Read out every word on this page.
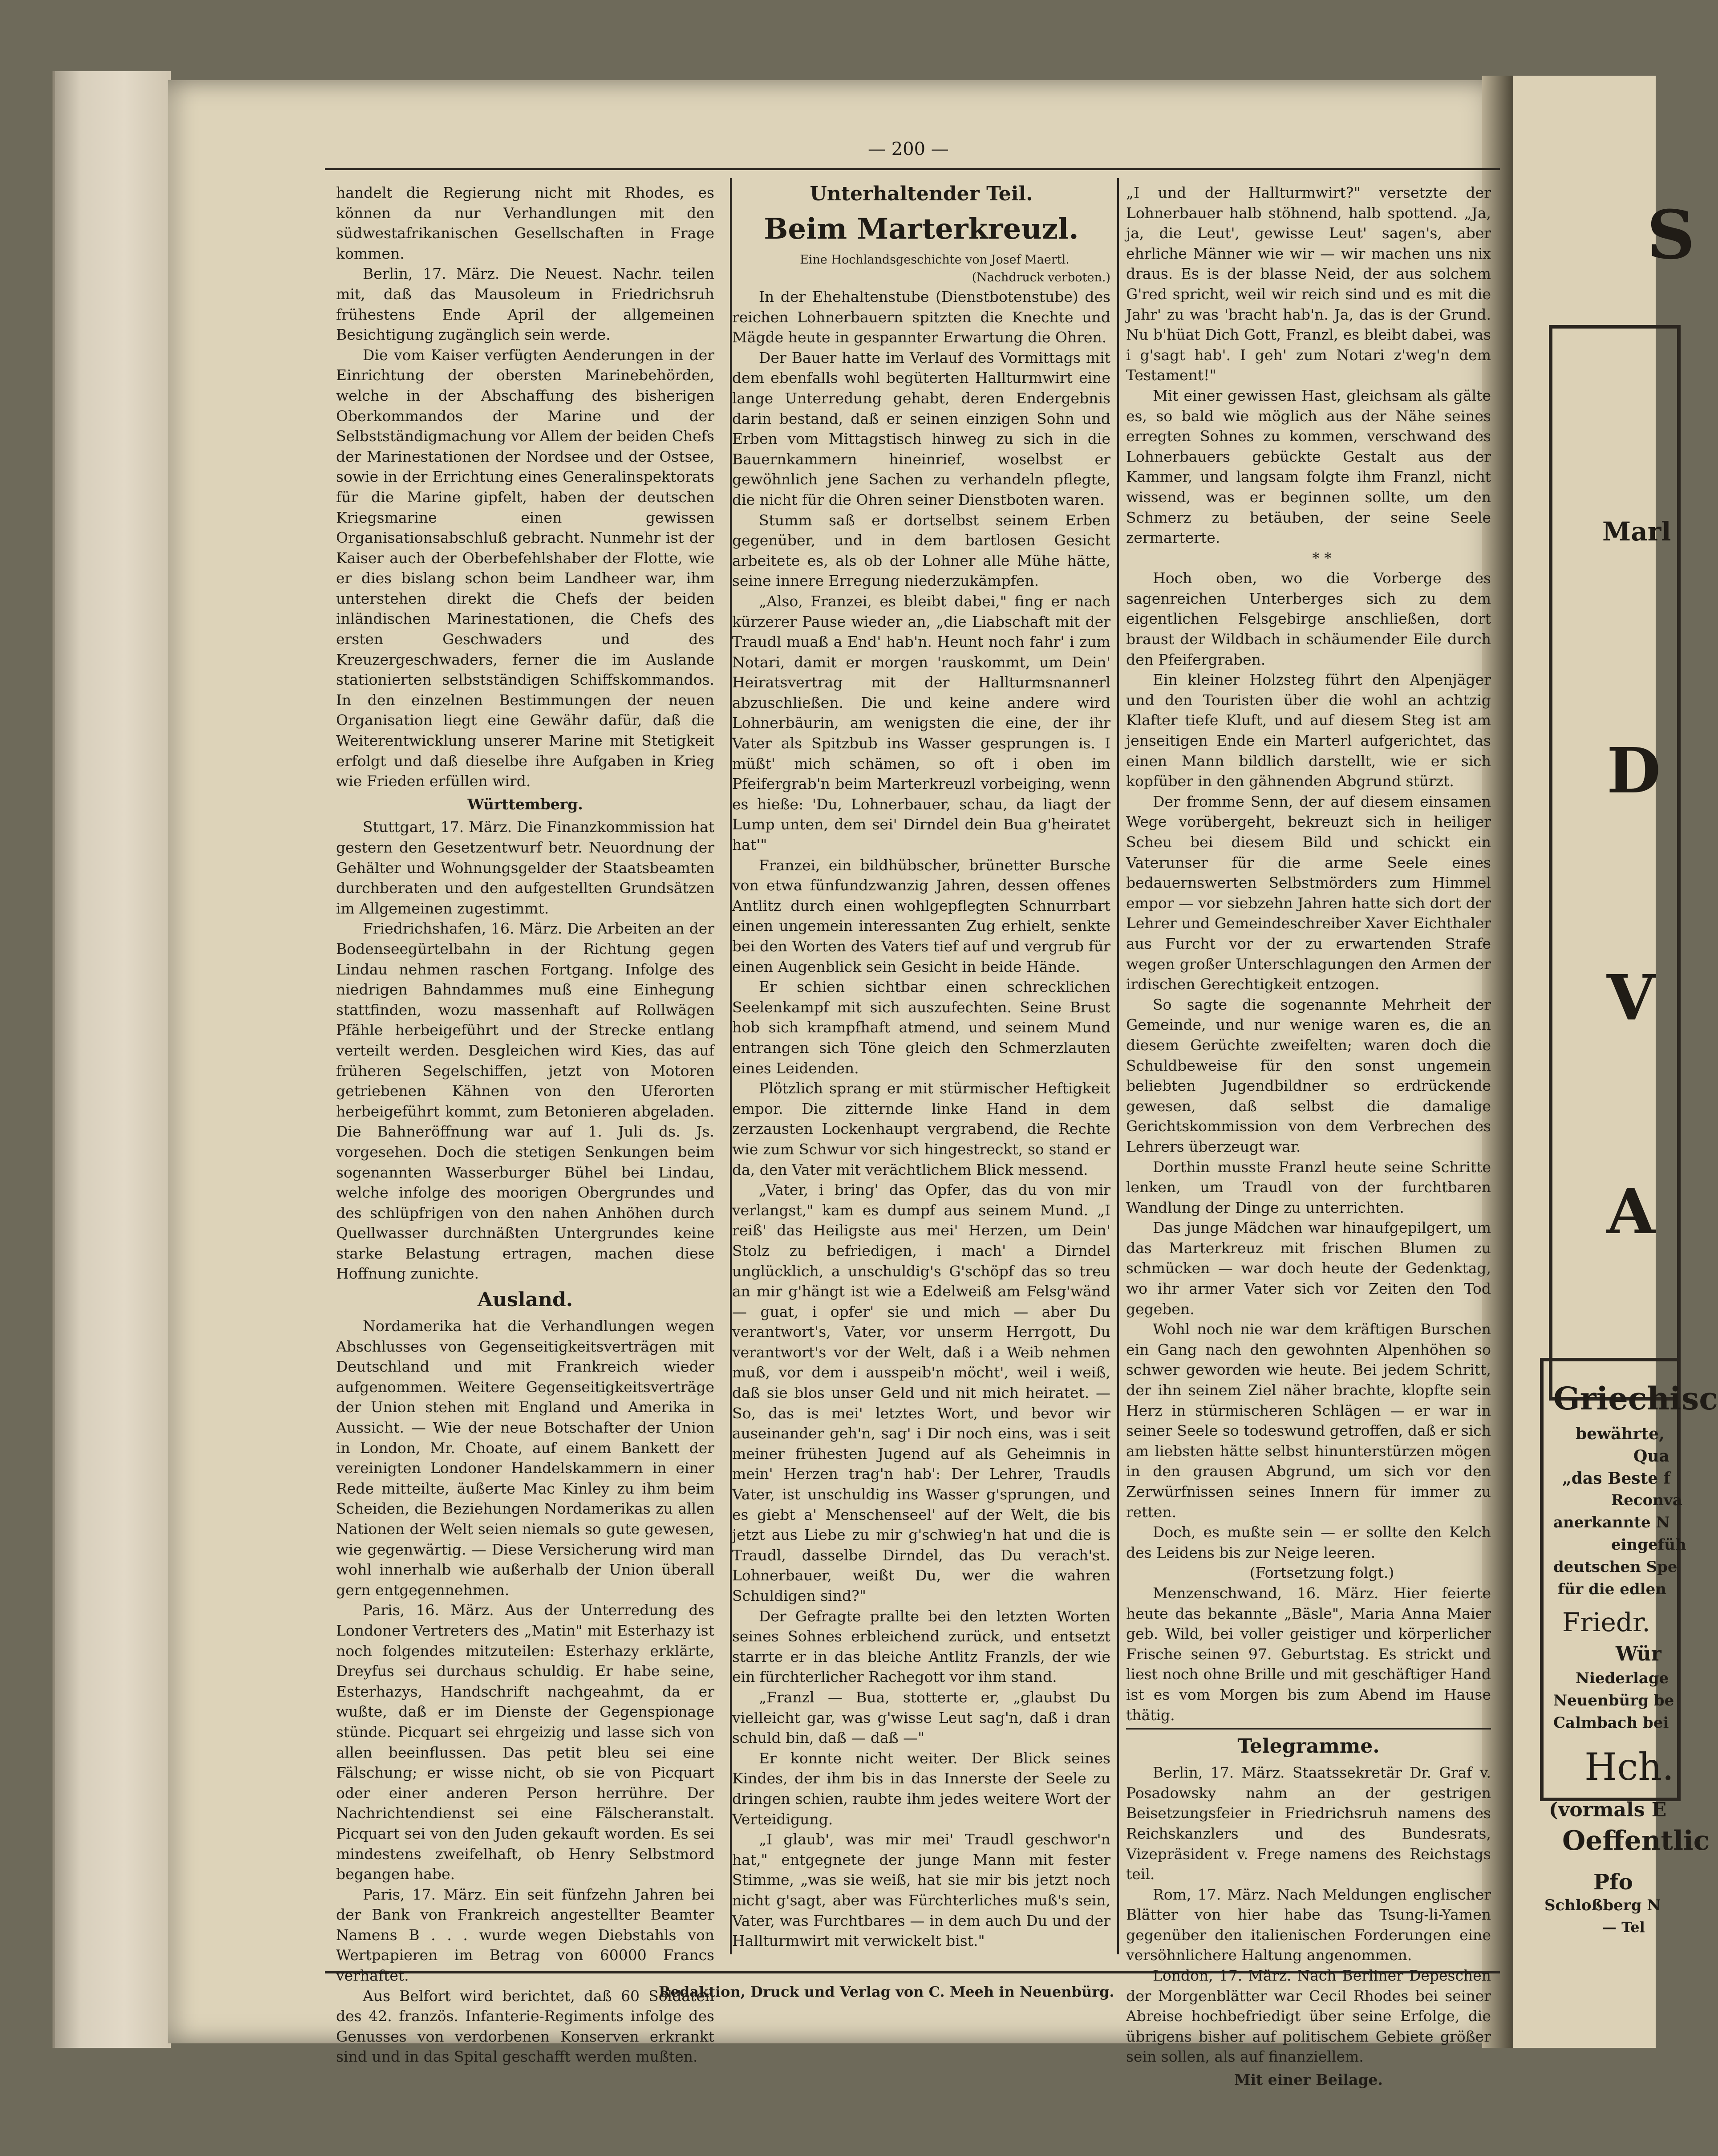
— 200 —

handelt die Regierung nicht mit Rhodes, es können da nur Verhandlungen mit den südwestafrikanischen Gesellschaften in Frage kommen.

Berlin, 17. März. Die Neuest. Nachr. teilen mit, daß das Mausoleum in Friedrichsruh frühestens Ende April der allgemeinen Besichtigung zugänglich sein werde.

Die vom Kaiser verfügten Aenderungen in der Einrichtung der obersten Marinebehörden, welche in der Abschaffung des bisherigen Oberkommandos der Marine und der Selbstständigmachung vor Allem der beiden Chefs der Marinestationen der Nordsee und der Ostsee, sowie in der Errichtung eines Generalinspektorats für die Marine gipfelt, haben der deutschen Kriegsmarine einen gewissen Organisationsabschluß gebracht. Nunmehr ist der Kaiser auch der Oberbefehlshaber der Flotte, wie er dies bislang schon beim Landheer war, ihm unterstehen direkt die Chefs der beiden inländischen Marinestationen, die Chefs des ersten Geschwaders und des Kreuzergeschwaders, ferner die im Auslande stationierten selbstständigen Schiffskommandos. In den einzelnen Bestimmungen der neuen Organisation liegt eine Gewähr dafür, daß die Weiterentwicklung unserer Marine mit Stetigkeit erfolgt und daß dieselbe ihre Aufgaben in Krieg wie Frieden erfüllen wird.

Württemberg.

Stuttgart, 17. März. Die Finanzkommission hat gestern den Gesetzentwurf betr. Neuordnung der Gehälter und Wohnungsgelder der Staatsbeamten durchberaten und den aufgestellten Grundsätzen im Allgemeinen zugestimmt.

Friedrichshafen, 16. März. Die Arbeiten an der Bodenseegürtelbahn in der Richtung gegen Lindau nehmen raschen Fortgang. Infolge des niedrigen Bahndammes muß eine Einhegung stattfinden, wozu massenhaft auf Rollwägen Pfähle herbeigeführt und der Strecke entlang verteilt werden. Desgleichen wird Kies, das auf früheren Segelschiffen, jetzt von Motoren getriebenen Kähnen von den Uferorten herbeigeführt kommt, zum Betonieren abgeladen. Die Bahneröffnung war auf 1. Juli ds. Js. vorgesehen. Doch die stetigen Senkungen beim sogenannten Wasserburger Bühel bei Lindau, welche infolge des moorigen Obergrundes und des schlüpfrigen von den nahen Anhöhen durch Quellwasser durchnäßten Untergrundes keine starke Belastung ertragen, machen diese Hoffnung zunichte.

Ausland.

Nordamerika hat die Verhandlungen wegen Abschlusses von Gegenseitigkeitsverträgen mit Deutschland und mit Frankreich wieder aufgenommen. Weitere Gegenseitigkeitsverträge der Union stehen mit England und Amerika in Aussicht. — Wie der neue Botschafter der Union in London, Mr. Choate, auf einem Bankett der vereinigten Londoner Handelskammern in einer Rede mitteilte, äußerte Mac Kinley zu ihm beim Scheiden, die Beziehungen Nordamerikas zu allen Nationen der Welt seien niemals so gute gewesen, wie gegenwärtig. — Diese Versicherung wird man wohl innerhalb wie außerhalb der Union überall gern entgegennehmen.

Paris, 16. März. Aus der Unterredung des Londoner Vertreters des „Matin" mit Esterhazy ist noch folgendes mitzuteilen: Esterhazy erklärte, Dreyfus sei durchaus schuldig. Er habe seine, Esterhazys, Handschrift nachgeahmt, da er wußte, daß er im Dienste der Gegenspionage stünde. Picquart sei ehrgeizig und lasse sich von allen beeinflussen. Das petit bleu sei eine Fälschung; er wisse nicht, ob sie von Picquart oder einer anderen Person herrühre. Der Nachrichtendienst sei eine Fälscheranstalt. Picquart sei von den Juden gekauft worden. Es sei mindestens zweifelhaft, ob Henry Selbstmord begangen habe.

Paris, 17. März. Ein seit fünfzehn Jahren bei der Bank von Frankreich angestellter Beamter Namens B . . . wurde wegen Diebstahls von Wertpapieren im Betrag von 60000 Francs verhaftet.

Aus Belfort wird berichtet, daß 60 Soldaten des 42. französ. Infanterie-Regiments infolge des Genusses von verdorbenen Konserven erkrankt sind und in das Spital geschafft werden mußten.

Unterhaltender Teil.

Beim Marterkreuzl.

Eine Hochlandsgeschichte von Josef Maertl.

(Nachdruck verboten.)

In der Ehehaltenstube (Dienstbotenstube) des reichen Lohnerbauern spitzten die Knechte und Mägde heute in gespannter Erwartung die Ohren.

Der Bauer hatte im Verlauf des Vormittags mit dem ebenfalls wohl begüterten Hallturmwirt eine lange Unterredung gehabt, deren Endergebnis darin bestand, daß er seinen einzigen Sohn und Erben vom Mittagstisch hinweg zu sich in die Bauernkammern hineinrief, woselbst er gewöhnlich jene Sachen zu verhandeln pflegte, die nicht für die Ohren seiner Dienstboten waren.

Stumm saß er dortselbst seinem Erben gegenüber, und in dem bartlosen Gesicht arbeitete es, als ob der Lohner alle Mühe hätte, seine innere Erregung niederzukämpfen.

„Also, Franzei, es bleibt dabei," fing er nach kürzerer Pause wieder an, „die Liabschaft mit der Traudl muaß a End' hab'n. Heunt noch fahr' i zum Notari, damit er morgen 'rauskommt, um Dein' Heiratsvertrag mit der Hallturmsnannerl abzuschließen. Die und keine andere wird Lohnerbäurin, am wenigsten die eine, der ihr Vater als Spitzbub ins Wasser gesprungen is. I müßt' mich schämen, so oft i oben im Pfeifergrab'n beim Marterkreuzl vorbeiging, wenn es hieße: 'Du, Lohnerbauer, schau, da liagt der Lump unten, dem sei' Dirndel dein Bua g'heiratet hat'"

Franzei, ein bildhübscher, brünetter Bursche von etwa fünfundzwanzig Jahren, dessen offenes Antlitz durch einen wohlgepflegten Schnurrbart einen ungemein interessanten Zug erhielt, senkte bei den Worten des Vaters tief auf und vergrub für einen Augenblick sein Gesicht in beide Hände.

Er schien sichtbar einen schrecklichen Seelenkampf mit sich auszufechten. Seine Brust hob sich krampfhaft atmend, und seinem Mund entrangen sich Töne gleich den Schmerzlauten eines Leidenden.

Plötzlich sprang er mit stürmischer Heftigkeit empor. Die zitternde linke Hand in dem zerzausten Lockenhaupt vergrabend, die Rechte wie zum Schwur vor sich hingestreckt, so stand er da, den Vater mit verächtlichem Blick messend.

„Vater, i bring' das Opfer, das du von mir verlangst," kam es dumpf aus seinem Mund. „I reiß' das Heiligste aus mei' Herzen, um Dein' Stolz zu befriedigen, i mach' a Dirndel unglücklich, a unschuldig's G'schöpf das so treu an mir g'hängt ist wie a Edelweiß am Felsg'wänd — guat, i opfer' sie und mich — aber Du verantwort's, Vater, vor unserm Herrgott, Du verantwort's vor der Welt, daß i a Weib nehmen muß, vor dem i ausspeib'n möcht', weil i weiß, daß sie blos unser Geld und nit mich heiratet. — So, das is mei' letztes Wort, und bevor wir auseinander geh'n, sag' i Dir noch eins, was i seit meiner frühesten Jugend auf als Geheimnis in mein' Herzen trag'n hab': Der Lehrer, Traudls Vater, ist unschuldig ins Wasser g'sprungen, und es giebt a' Menschenseel' auf der Welt, die bis jetzt aus Liebe zu mir g'schwieg'n hat und die is Traudl, dasselbe Dirndel, das Du verach'st. Lohnerbauer, weißt Du, wer die wahren Schuldigen sind?"

Der Gefragte prallte bei den letzten Worten seines Sohnes erbleichend zurück, und entsetzt starrte er in das bleiche Antlitz Franzls, der wie ein fürchterlicher Rachegott vor ihm stand.

„Franzl — Bua, stotterte er, „glaubst Du vielleicht gar, was g'wisse Leut sag'n, daß i dran schuld bin, daß — daß —"

Er konnte nicht weiter. Der Blick seines Kindes, der ihm bis in das Innerste der Seele zu dringen schien, raubte ihm jedes weitere Wort der Verteidigung.

„I glaub', was mir mei' Traudl geschwor'n hat," entgegnete der junge Mann mit fester Stimme, „was sie weiß, hat sie mir bis jetzt noch nicht g'sagt, aber was Fürchterliches muß's sein, Vater, was Furchtbares — in dem auch Du und der Hallturmwirt mit verwickelt bist."

„I und der Hallturmwirt?" versetzte der Lohnerbauer halb stöhnend, halb spottend. „Ja, ja, die Leut', gewisse Leut' sagen's, aber ehrliche Männer wie wir — wir machen uns nix draus. Es is der blasse Neid, der aus solchem G'red spricht, weil wir reich sind und es mit die Jahr' zu was 'bracht hab'n. Ja, das is der Grund. Nu b'hüat Dich Gott, Franzl, es bleibt dabei, was i g'sagt hab'. I geh' zum Notari z'weg'n dem Testament!"

Mit einer gewissen Hast, gleichsam als gälte es, so bald wie möglich aus der Nähe seines erregten Sohnes zu kommen, verschwand des Lohnerbauers gebückte Gestalt aus der Kammer, und langsam folgte ihm Franzl, nicht wissend, was er beginnen sollte, um den Schmerz zu betäuben, der seine Seele zermarterte.

* *

Hoch oben, wo die Vorberge des sagenreichen Unterberges sich zu dem eigentlichen Felsgebirge anschließen, dort braust der Wildbach in schäumender Eile durch den Pfeifergraben.

Ein kleiner Holzsteg führt den Alpenjäger und den Touristen über die wohl an achtzig Klafter tiefe Kluft, und auf diesem Steg ist am jenseitigen Ende ein Marterl aufgerichtet, das einen Mann bildlich darstellt, wie er sich kopfüber in den gähnenden Abgrund stürzt.

Der fromme Senn, der auf diesem einsamen Wege vorübergeht, bekreuzt sich in heiliger Scheu bei diesem Bild und schickt ein Vaterunser für die arme Seele eines bedauernswerten Selbstmörders zum Himmel empor — vor siebzehn Jahren hatte sich dort der Lehrer und Gemeindeschreiber Xaver Eichthaler aus Furcht vor der zu erwartenden Strafe wegen großer Unterschlagungen den Armen der irdischen Gerechtigkeit entzogen.

So sagte die sogenannte Mehrheit der Gemeinde, und nur wenige waren es, die an diesem Gerüchte zweifelten; waren doch die Schuldbeweise für den sonst ungemein beliebten Jugendbildner so erdrückende gewesen, daß selbst die damalige Gerichtskommission von dem Verbrechen des Lehrers überzeugt war.

Dorthin musste Franzl heute seine Schritte lenken, um Traudl von der furchtbaren Wandlung der Dinge zu unterrichten.

Das junge Mädchen war hinaufgepilgert, um das Marterkreuz mit frischen Blumen zu schmücken — war doch heute der Gedenktag, wo ihr armer Vater sich vor Zeiten den Tod gegeben.

Wohl noch nie war dem kräftigen Burschen ein Gang nach den gewohnten Alpenhöhen so schwer geworden wie heute. Bei jedem Schritt, der ihn seinem Ziel näher brachte, klopfte sein Herz in stürmischeren Schlägen — er war in seiner Seele so todeswund getroffen, daß er sich am liebsten hätte selbst hinunterstürzen mögen in den grausen Abgrund, um sich vor den Zerwürfnissen seines Innern für immer zu retten.

Doch, es mußte sein — er sollte den Kelch des Leidens bis zur Neige leeren.

(Fortsetzung folgt.)

Menzenschwand, 16. März. Hier feierte heute das bekannte „Bäsle", Maria Anna Maier geb. Wild, bei voller geistiger und körperlicher Frische seinen 97. Geburtstag. Es strickt und liest noch ohne Brille und mit geschäftiger Hand ist es vom Morgen bis zum Abend im Hause thätig.

Telegramme.

Berlin, 17. März. Staatssekretär Dr. Graf v. Posadowsky nahm an der gestrigen Beisetzungsfeier in Friedrichsruh namens des Reichskanzlers und des Bundesrats, Vizepräsident v. Frege namens des Reichstags teil.

Rom, 17. März. Nach Meldungen englischer Blätter von hier habe das Tsung-li-Yamen gegenüber den italienischen Forderungen eine versöhnlichere Haltung angenommen.

London, 17. März. Nach Berliner Depeschen der Morgenblätter war Cecil Rhodes bei seiner Abreise hochbefriedigt über seine Erfolge, die übrigens bisher auf politischem Gebiete größer sein sollen, als auf finanziellem.

Mit einer Beilage.

Redaktion, Druck und Verlag von C. Meeh in Neuenbürg.
S
Marl
D
V
A
Griechisc
bewährte,
Qua
„das Beste f
Reconva
anerkannte N
eingefüh
deutschen Spe
für die edlen
Friedr.
Wür
Niederlage
Neuenbürg be
Calmbach bei
Hch.
(vormals E
Oeffentlic
Pfo
Schloßberg N
— Tel
